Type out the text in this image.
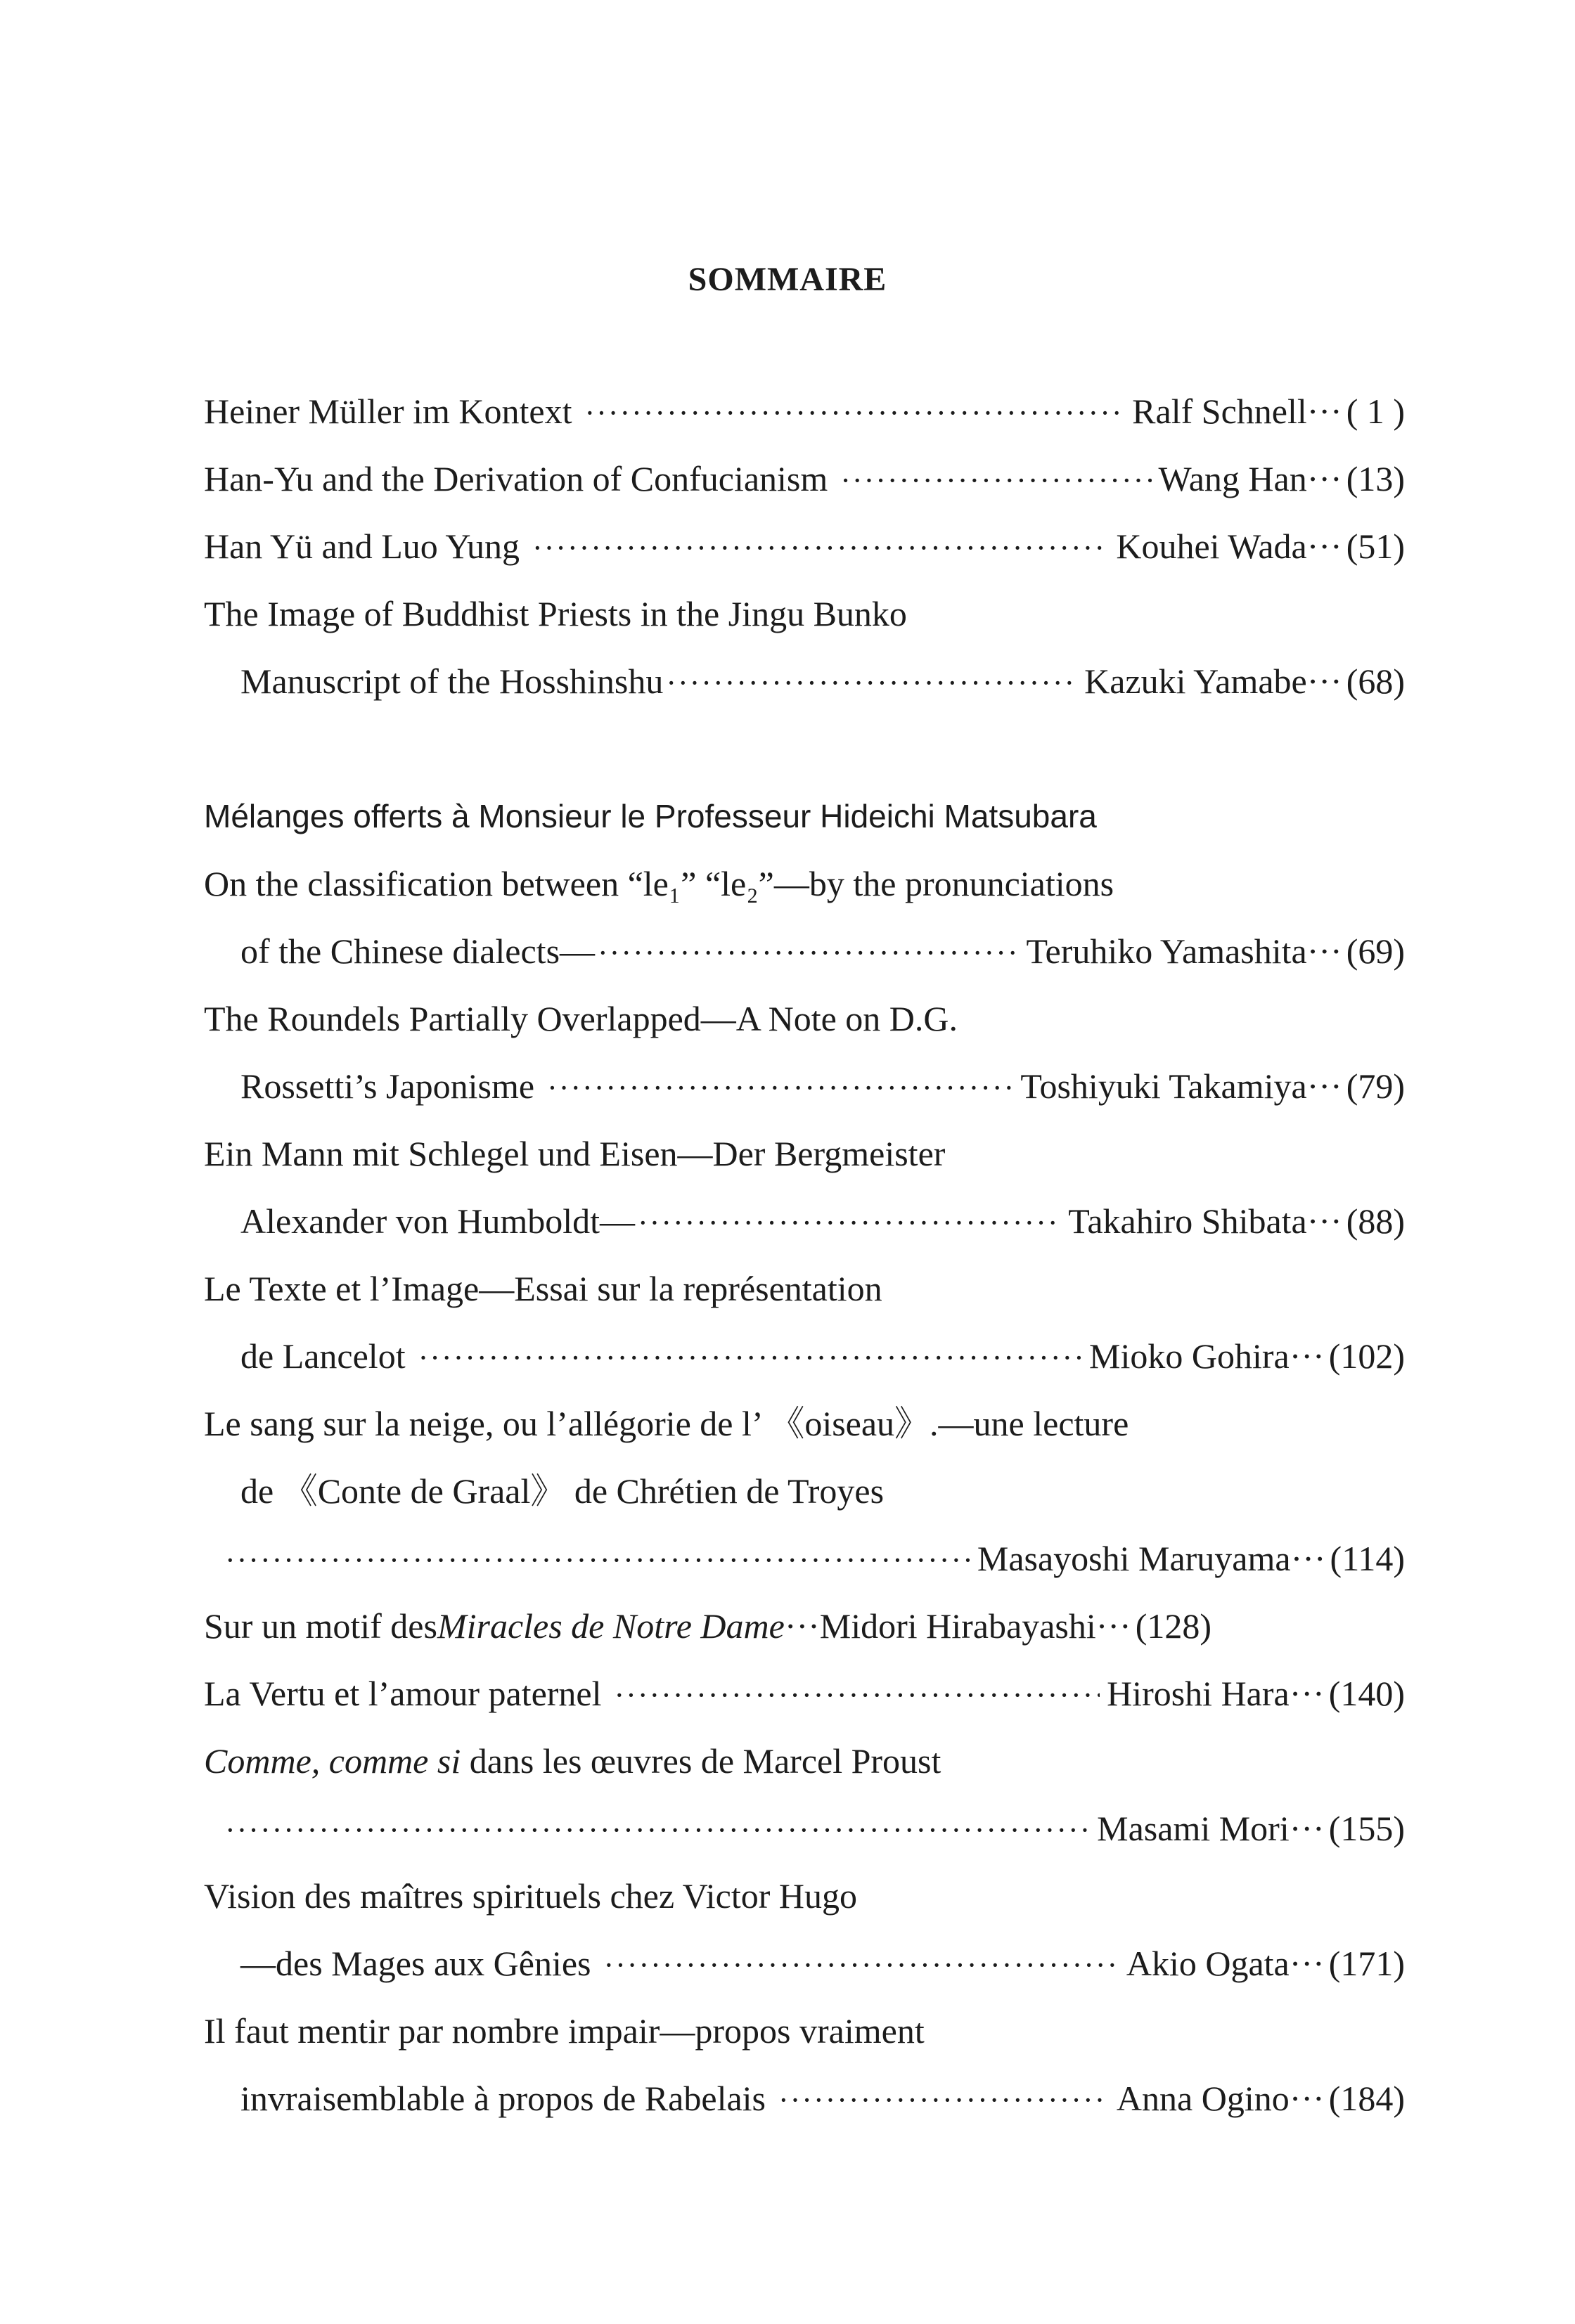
SOMMAIRE
Heiner Müller im Kontext ·····	Ralf Schnell ··· ( 1 )
Han-Yu and the Derivation of Confucianism ·····	Wang Han ··· (13)
Han Yü and Luo Yung ·····	Kouhei Wada ··· (51)
The Image of Buddhist Priests in the Jingu Bunko
Manuscript of the Hosshinshu ·····	Kazuki Yamabe ··· (68)
Mélanges offerts à Monsieur le Professeur Hideichi Matsubara
On the classification between “le₁” “le₂”—by the pronunciations
of the Chinese dialects— ·····	Teruhiko Yamashita ··· (69)
The Roundels Partially Overlapped—A Note on D.G.
Rossetti’s Japonisme ·····	Toshiyuki Takamiya ··· (79)
Ein Mann mit Schlegel und Eisen—Der Bergmeister
Alexander von Humboldt— ·····	Takahiro Shibata ··· (88)
Le Texte et l’Image—Essai sur la représentation
de Lancelot ·····	Mioko Gohira ··· (102)
Le sang sur la neige, ou l’allégorie de l’ 《oiseau》.—une lecture
de 《Conte de Graal》 de Chrétien de Troyes
·····
Masayoshi Maruyama ··· (114)
Sur un motif des Miracles de Notre Dame ··· Midori Hirabayashi ··· (128)
La Vertu et l’amour paternel ·····	Hiroshi Hara ··· (140)
Comme, comme si dans les œuvres de Marcel Proust
·····
Masami Mori ··· (155)
Vision des maîtres spirituels chez Victor Hugo
—des Mages aux Gênies ·····	Akio Ogata ··· (171)
Il faut mentir par nombre impair—propos vraiment
invraisemblable à propos de Rabelais ·····	Anna Ogino ··· (184)
